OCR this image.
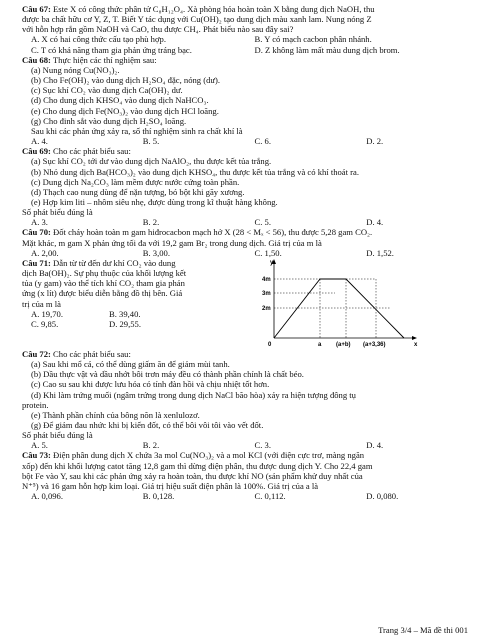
Câu 67: Este X có công thức phân tử C₈H₁₂O₄. Xà phòng hóa hoàn toàn X bằng dung dịch NaOH, thu
được ba chất hữu cơ Y, Z, T. Biết Y tác dụng với Cu(OH)₂ tạo dung dịch màu xanh lam. Nung nóng Z
với hỗn hợp rắn gồm NaOH và CaO, thu được CH₄. Phát biểu nào sau đây sai?
A. X có hai công thức cấu tạo phù hợp.	B. Y có mạch cacbon phân nhánh.
C. T có khả năng tham gia phản ứng tráng bạc.	D. Z không làm mất màu dung dịch brom.
Câu 68: Thực hiện các thí nghiệm sau:
(a) Nung nóng Cu(NO₃)₂.
(b) Cho Fe(OH)₂ vào dung dịch H₂SO₄ đặc, nóng (dư).
(c) Sục khí CO₂ vào dung dịch Ca(OH)₂ dư.
(d) Cho dung dịch KHSO₄ vào dung dịch NaHCO₃.
(e) Cho dung dịch Fe(NO₃)₂ vào dung dịch HCl loãng.
(g) Cho đinh sắt vào dung dịch H₂SO₄ loãng.
Sau khi các phản ứng xảy ra, số thí nghiệm sinh ra chất khí là
A. 4.	B. 5.	C. 6.	D. 2.
Câu 69: Cho các phát biểu sau:
(a) Sục khí CO₂ tới dư vào dung dịch NaAlO₂, thu được kết tủa trắng.
(b) Nhỏ dung dịch Ba(HCO₃)₂ vào dung dịch KHSO₄, thu được kết tủa trắng và có khí thoát ra.
(c) Dung dịch Na₂CO₃ làm mềm được nước cứng toàn phần.
(d) Thạch cao nung dùng để nặn tượng, bó bột khi gãy xương.
(e) Hợp kim liti – nhôm siêu nhẹ, được dùng trong kĩ thuật hàng không.
Số phát biểu đúng là
A. 3.	B. 2.	C. 5.	D. 4.
Câu 70: Đốt cháy hoàn toàn m gam hiđrocacbon mạch hở X (28 < Mₓ < 56), thu được 5,28 gam CO₂.
Mặt khác, m gam X phản ứng tối đa với 19,2 gam Br₂ trong dung dịch. Giá trị của m là
A. 2,00.	B. 3,00.	C. 1,50.	D. 1,52.
Câu 71: Dẫn từ từ đến dư khí CO₂ vào dung
dịch Ba(OH)₂. Sự phụ thuộc của khối lượng kết
tủa (y gam) vào thể tích khí CO₂ tham gia phản
ứng (x lít) được biểu diễn bằng đồ thị bên. Giá
trị của m là
A. 19,70.	B. 39,40.
C. 9,85.	D. 29,55.
y
x
0
4m
3m
2m
a (a+b) (a+3,36)
Câu 72: Cho các phát biểu sau:
(a) Sau khi mổ cá, có thể dùng giấm ăn để giảm mùi tanh.
(b) Dầu thực vật và dầu nhớt bôi trơn máy đều có thành phần chính là chất béo.
(c) Cao su sau khi được lưu hóa có tính đàn hồi và chịu nhiệt tốt hơn.
(d) Khi làm trứng muối (ngâm trứng trong dung dịch NaCl bão hòa) xảy ra hiện tượng đông tụ
protein.
(e) Thành phần chính của bông nõn là xenlulozơ.
(g) Để giảm đau nhức khi bị kiến đốt, có thể bôi vôi tôi vào vết đốt.
Số phát biểu đúng là
A. 5.	B. 2.	C. 3.	D. 4.
Câu 73: Điện phân dung dịch X chứa 3a mol Cu(NO₃)₂ và a mol KCl (với điện cực trơ, màng ngăn
xốp) đến khi khối lượng catot tăng 12,8 gam thì dừng điện phân, thu được dung dịch Y. Cho 22,4 gam
bột Fe vào Y, sau khi các phản ứng xảy ra hoàn toàn, thu được khí NO (sản phẩm khử duy nhất của
N⁺⁵) và 16 gam hỗn hợp kim loại. Giá trị hiệu suất điện phân là 100%. Giá trị của a là
A. 0,096.	B. 0,128.	C. 0,112.	D. 0,080.
Trang 3/4 – Mã đề thi 001
